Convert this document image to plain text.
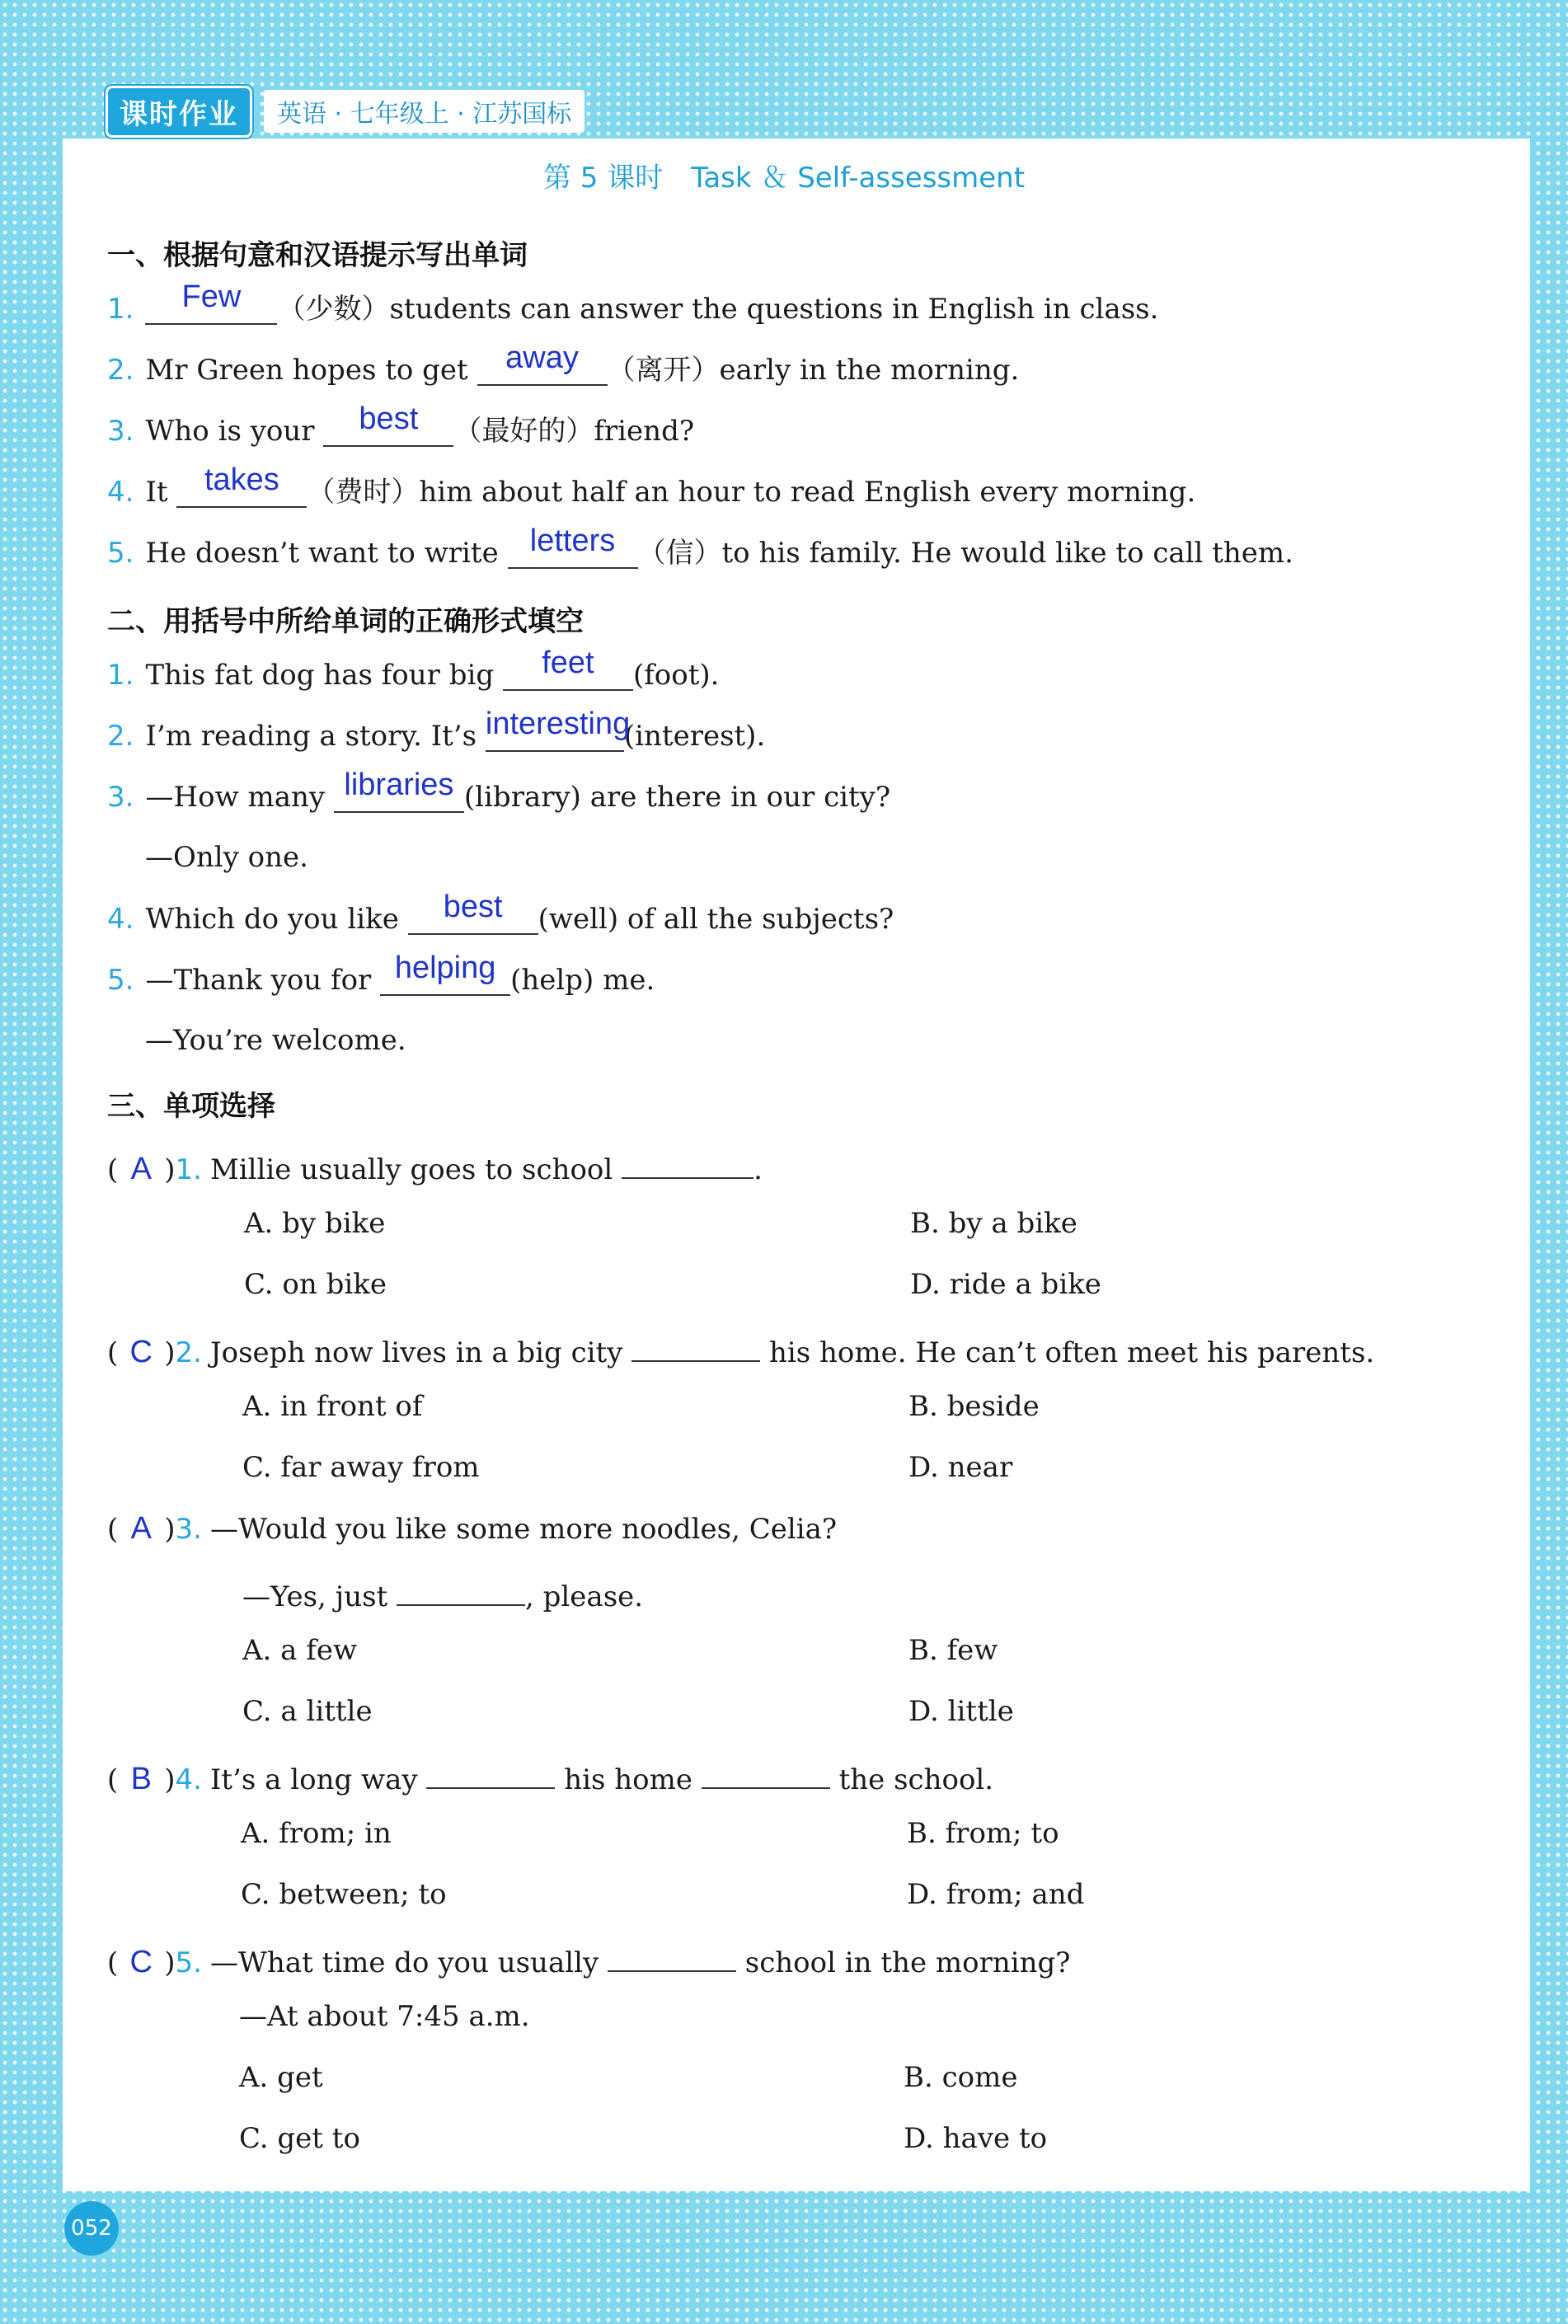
课时作业	英语 · 七年级上 · 江苏国标
第 5 课时　Task ＆ Self-assessment
一、根据句意和汉语提示写出单词
1. Few （少数）students can answer the questions in English in class.
2. Mr Green hopes to get away （离开）early in the morning.
3. Who is your best （最好的）friend?
4. It takes （费时）him about half an hour to read English every morning.
5. He doesn’t want to write letters （信）to his family. He would like to call them.
二、用括号中所给单词的正确形式填空
1. This fat dog has four big feet (foot).
2. I’m reading a story. It’s interesting(interest).
3. —How many libraries (library) are there in our city?
—Only one.
4. Which do you like best (well) of all the subjects?
5. —Thank you for helping (help) me.
—You’re welcome.
三、单项选择
( A )1. Millie usually goes to school	.
A. by bike	B. by a bike
C. on bike	D. ride a bike
( C )2. Joseph now lives in a big city	his home. He can’t often meet his parents.
A. in front of	B. beside
C. far away from	D. near
( A )3. —Would you like some more noodles, Celia?
—Yes, just	, please.
A. a few	B. few
C. a little	D. little
( B )4. It’s a long way	his home	the school.
A. from; in	B. from; to
C. between; to	D. from; and
( C )5. —What time do you usually	school in the morning?
—At about 7:45 a.m.
A. get	B. come
C. get to	D. have to
052
